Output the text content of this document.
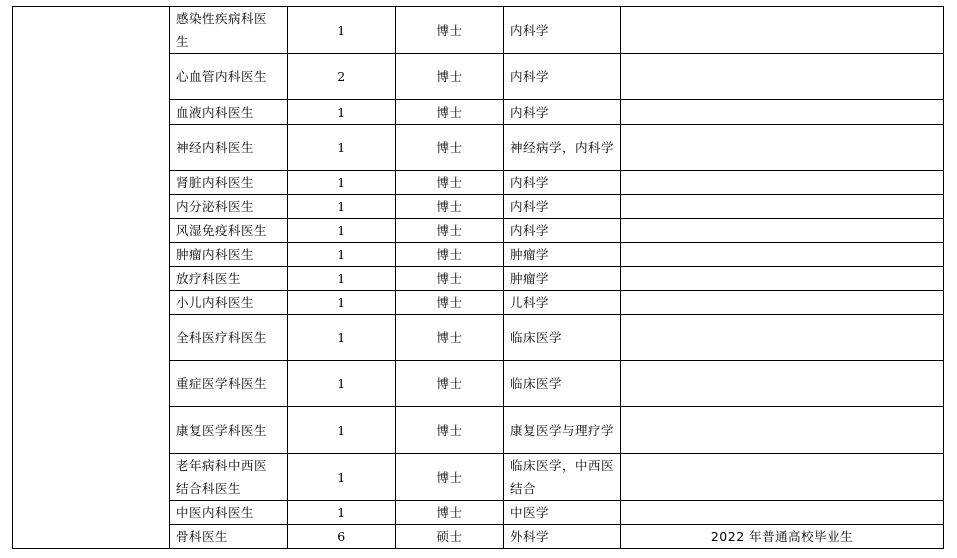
	感染性疾病科医生	1	博士	内科学	

	心血管内科医生	2	博士	内科学	

	血液内科医生	1	博士	内科学	

	神经内科医生	1	博士	神经病学，内科学	

	肾脏内科医生	1	博士	内科学	

	内分泌科医生	1	博士	内科学	

	风湿免疫科医生	1	博士	内科学	

	肿瘤内科医生	1	博士	肿瘤学	

	放疗科医生	1	博士	肿瘤学	

	小儿内科医生	1	博士	儿科学	

	全科医疗科医生	1	博士	临床医学	

	重症医学科医生	1	博士	临床医学	

	康复医学科医生	1	博士	康复医学与理疗学	

	老年病科中西医结合科医生	1	博士	临床医学，中西医结合	

	中医内科医生	1	博士	中医学	

	骨科医生	6	硕士	外科学	2022 年普通高校毕业生
